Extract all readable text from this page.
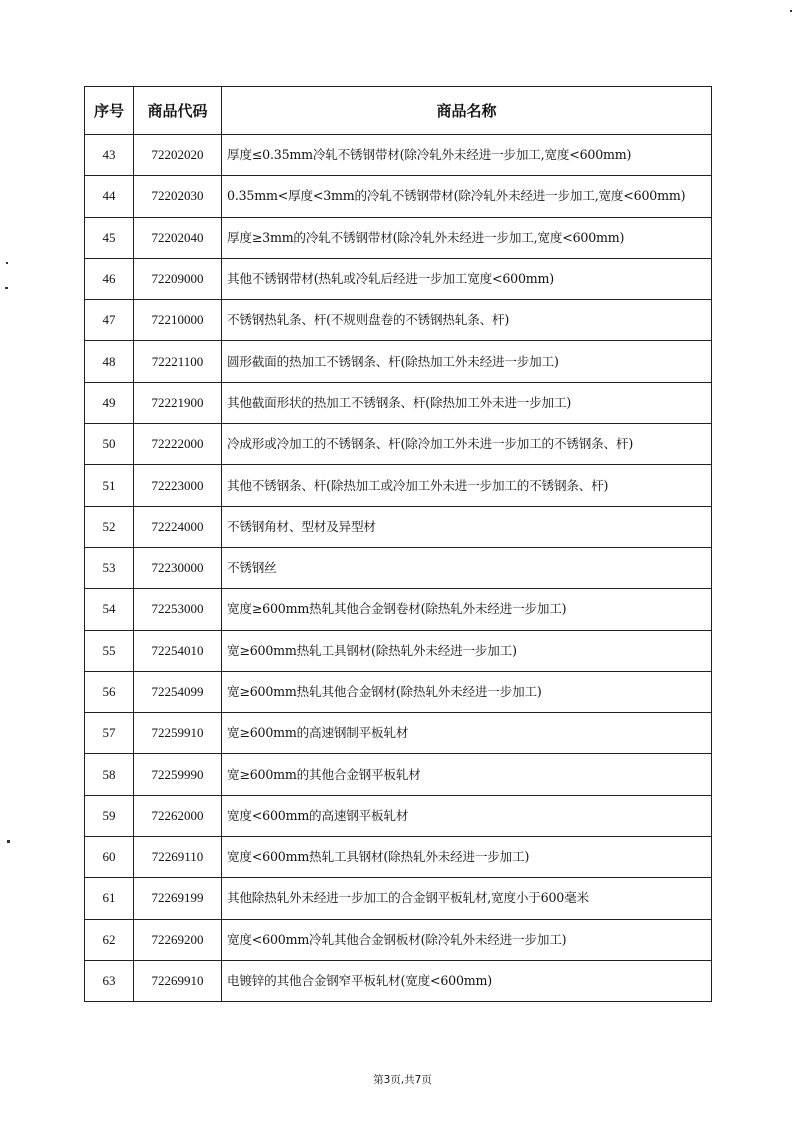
序号	商品代码	商品名称
43	72202020	厚度≤0.35mm冷轧不锈钢带材(除冷轧外未经进一步加工,宽度<600mm)
44	72202030	0.35mm<厚度<3mm的冷轧不锈钢带材(除冷轧外未经进一步加工,宽度<600mm)
45	72202040	厚度≥3mm的冷轧不锈钢带材(除冷轧外未经进一步加工,宽度<600mm)
46	72209000	其他不锈钢带材(热轧或冷轧后经进一步加工宽度<600mm)
47	72210000	不锈钢热轧条、杆(不规则盘卷的不锈钢热轧条、杆)
48	72221100	圆形截面的热加工不锈钢条、杆(除热加工外未经进一步加工)
49	72221900	其他截面形状的热加工不锈钢条、杆(除热加工外未进一步加工)
50	72222000	冷成形或冷加工的不锈钢条、杆(除冷加工外未进一步加工的不锈钢条、杆)
51	72223000	其他不锈钢条、杆(除热加工或冷加工外未进一步加工的不锈钢条、杆)
52	72224000	不锈钢角材、型材及异型材
53	72230000	不锈钢丝
54	72253000	宽度≥600mm热轧其他合金钢卷材(除热轧外未经进一步加工)
55	72254010	宽≥600mm热轧工具钢材(除热轧外未经进一步加工)
56	72254099	宽≥600mm热轧其他合金钢材(除热轧外未经进一步加工)
57	72259910	宽≥600mm的高速钢制平板轧材
58	72259990	宽≥600mm的其他合金钢平板轧材
59	72262000	宽度<600mm的高速钢平板轧材
60	72269110	宽度<600mm热轧工具钢材(除热轧外未经进一步加工)
61	72269199	其他除热轧外未经进一步加工的合金钢平板轧材,宽度小于600毫米
62	72269200	宽度<600mm冷轧其他合金钢板材(除冷轧外未经进一步加工)
63	72269910	电镀锌的其他合金钢窄平板轧材(宽度<600mm)
第3页,共7页
